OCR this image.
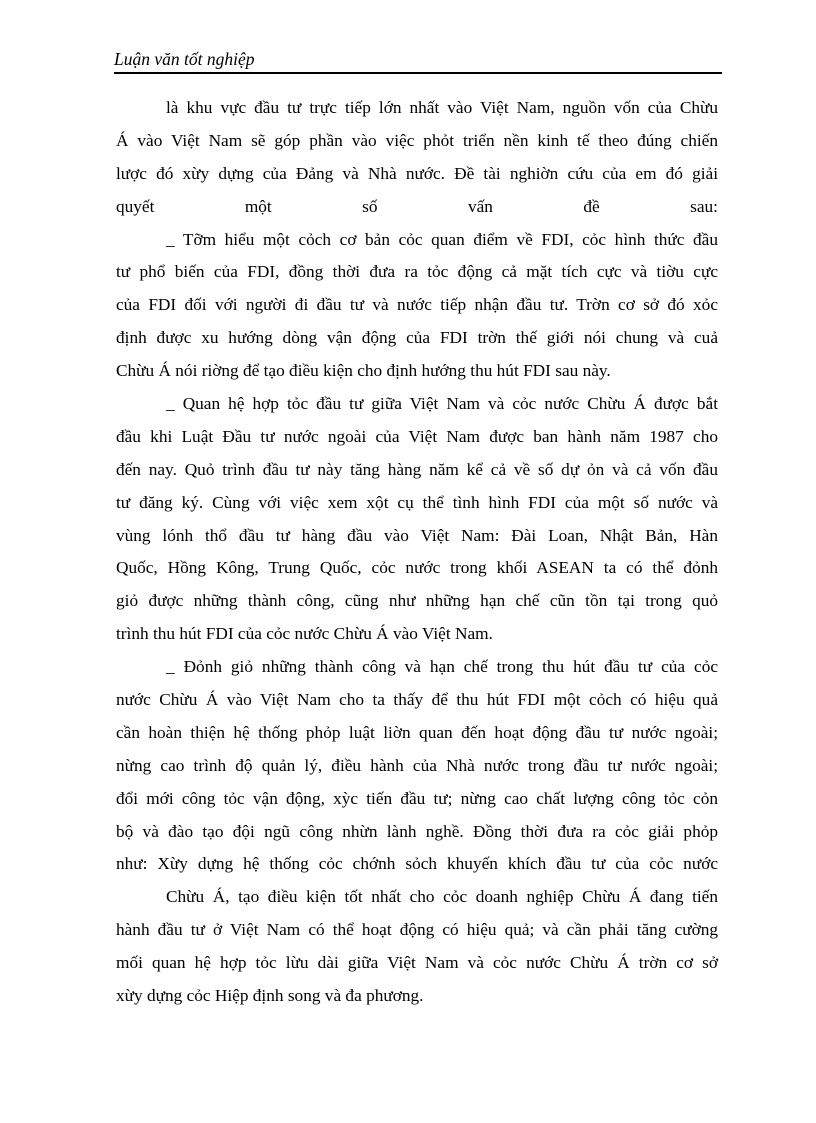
Luận văn tốt nghiệp
là khu vực đầu tư trực tiếp lớn nhất vào Việt Nam, nguồn vốn của Chừu
Á vào Việt Nam sẽ góp phần vào việc phỏt triển nền kinh tế theo đúng chiến
lược đó xừy dựng của Đảng và Nhà nước. Đề tài nghiờn cứu của em đó giải
quyết một số vấn đề sau:
_ Tỡm hiểu một cỏch cơ bản cỏc quan điểm về FDI, cỏc hình thức đầu
tư phổ biến của FDI, đồng thời đưa ra tỏc động cả mặt tích cực và tiờu cực
của FDI đối với người đi đầu tư và nước tiếp nhận đầu tư. Trờn cơ sở đó xỏc
định được xu hướng dòng vận động của FDI trờn thế giới nói chung và cuả
Chừu Á nói riờng để tạo điều kiện cho định hướng thu hút FDI sau này.
_ Quan hệ hợp tỏc đầu tư giữa Việt Nam và cỏc nước Chừu Á được bắt
đầu khi Luật Đầu tư nước ngoài của Việt Nam được ban hành năm 1987 cho
đến nay. Quỏ trình đầu tư này tăng hàng năm kể cả về số dự ỏn và cả vốn đầu
tư đăng ký. Cùng với việc xem xột cụ thể tình hình FDI của một số nước và
vùng lónh thổ đầu tư hàng đầu vào Việt Nam: Đài Loan, Nhật Bản, Hàn
Quốc, Hồng Kông, Trung Quốc, cỏc nước trong khối ASEAN ta có thể đỏnh
giỏ được những thành công, cũng như những hạn chế cũn tồn tại trong quỏ
trình thu hút FDI của cỏc nước Chừu Á vào Việt Nam.
_ Đỏnh giỏ những thành công và hạn chế trong thu hút đầu tư của cỏc
nước Chừu Á vào Việt Nam cho ta thấy để thu hút FDI một cỏch có hiệu quả
cần hoàn thiện hệ thống phỏp luật liờn quan đến hoạt động đầu tư nước ngoài;
nừng cao trình độ quản lý, điều hành của Nhà nước trong đầu tư nước ngoài;
đổi mới công tỏc vận động, xỳc tiến đầu tư; nừng cao chất lượng công tỏc cỏn
bộ và đào tạo đội ngũ công nhừn lành nghề. Đồng thời đưa ra cỏc giải phỏp
như: Xừy dựng hệ thống cỏc chớnh sỏch khuyến khích đầu tư của cỏc nước
Chừu Á, tạo điều kiện tốt nhất cho cỏc doanh nghiệp Chừu Á đang tiến
hành đầu tư ở Việt Nam có thể hoạt động có hiệu quả; và cần phải tăng cường
mối quan hệ hợp tỏc lừu dài giữa Việt Nam và cỏc nước Chừu Á trờn cơ sở
xừy dựng cỏc Hiệp định song và đa phương.
